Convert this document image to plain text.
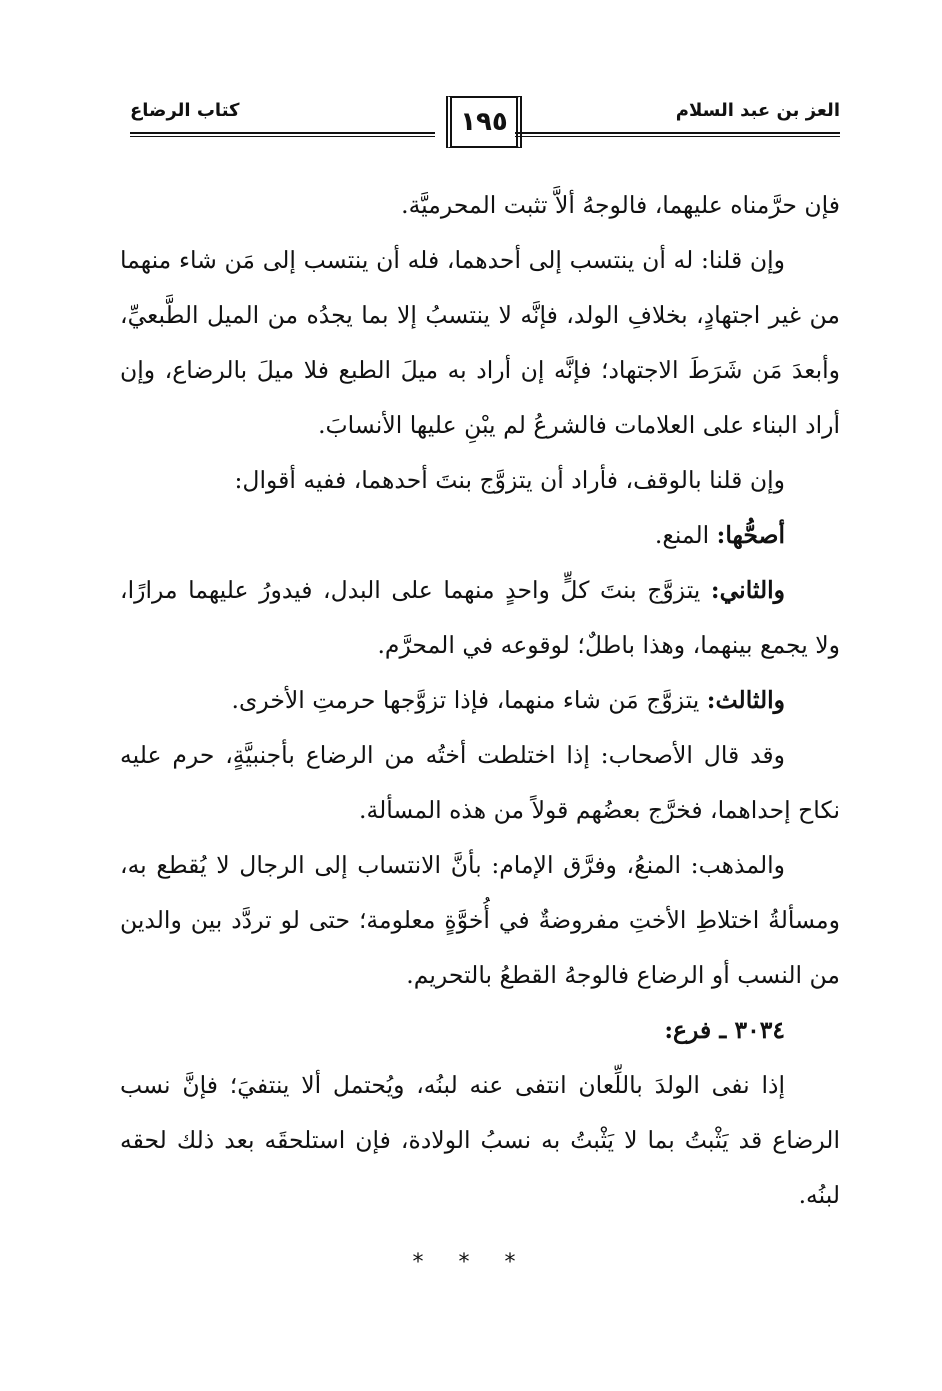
العز بن عبد السلام
كتاب الرضاع	١٩٥

فإن حرَّمناه عليهما، فالوجهُ ألاَّ تثبت المحرميَّة.

وإن قلنا: له أن ينتسب إلى أحدهما، فله أن ينتسب إلى مَن شاء منهما من غير اجتهادٍ، بخلافِ الولد، فإنَّه لا ينتسبُ إلا بما يجدُه من الميل الطَّبعيِّ، وأبعدَ مَن شَرَطَ الاجتهاد؛ فإنَّه إن أراد به ميلَ الطبع فلا ميلَ بالرضاع، وإن أراد البناء على العلامات فالشرعُ لم يبْنِ عليها الأنسابَ.

وإن قلنا بالوقف، فأراد أن يتزوَّج بنتَ أحدهما، ففيه أقوال:

أصحُّها: المنع.

والثاني: يتزوَّج بنتَ كلٍّ واحدٍ منهما على البدل، فيدورُ عليهما مرارًا، ولا يجمع بينهما، وهذا باطلٌ؛ لوقوعه في المحرَّم.

والثالث: يتزوَّج مَن شاء منهما، فإذا تزوَّجها حرمتِ الأخرى.

وقد قال الأصحاب: إذا اختلطت أختُه من الرضاع بأجنبيَّةٍ، حرم عليه نكاح إحداهما، فخرَّج بعضُهم قولاً من هذه المسألة.

والمذهب: المنعُ، وفرَّق الإمام: بأنَّ الانتساب إلى الرجال لا يُقطع به، ومسألةُ اختلاطِ الأختِ مفروضةٌ في أُخوَّةٍ معلومة؛ حتى لو تردَّد بين والدين من النسب أو الرضاع فالوجهُ القطعُ بالتحريم.

٣٠٣٤ ـ فرع:

إذا نفى الولدَ باللِّعان انتفى عنه لبنُه، ويُحتمل ألا ينتفيَ؛ فإنَّ نسب الرضاع قد يَثْبتُ بما لا يَثْبتُ به نسبُ الولادة، فإن استلحقَه بعد ذلك لحقه لبنُه.

* * *
